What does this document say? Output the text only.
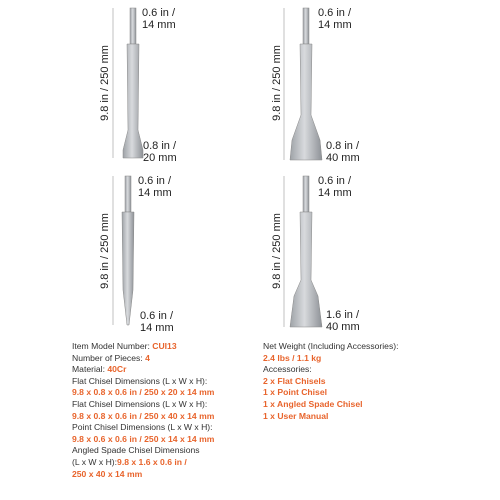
0.6 in /
14 mm
9.8 in / 250 mm
0.8 in /
20 mm
0.6 in /
14 mm
9.8 in / 250 mm
0.8 in /
40 mm
0.6 in /
14 mm
9.8 in / 250 mm
0.6 in /
14 mm
0.6 in /
14 mm
9.8 in / 250 mm
1.6 in /
40 mm
Item Model Number: CUI13
Number of Pieces: 4
Material: 40Cr
Flat Chisel Dimensions (L x W x H):
9.8 x 0.8 x 0.6 in / 250 x 20 x 14 mm
Flat Chisel Dimensions (L x W x H):
9.8 x 0.8 x 0.6 in / 250 x 40 x 14 mm
Point Chisel Dimensions (L x W x H):
9.8 x 0.6 x 0.6 in / 250 x 14 x 14 mm
Angled Spade Chisel Dimensions
(L x W x H):9.8 x 1.6 x 0.6 in /
250 x 40 x 14 mm
Net Weight (Including Accessories):
2.4 lbs / 1.1 kg
Accessories:
2 x Flat Chisels
1 x Point Chisel
1 x Angled Spade Chisel
1 x User Manual
